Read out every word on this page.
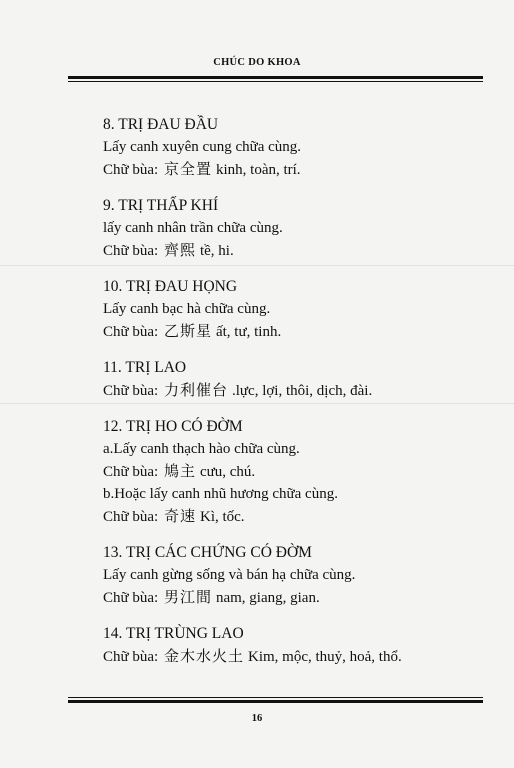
CHÚC DO KHOA
8. TRỊ ĐAU ĐẦU
Lấy canh xuyên cung chữa cùng.
Chữ bùa: 京全置 kinh, toàn, trí.
9. TRỊ THẤP KHÍ
lấy canh nhân trần chữa cùng.
Chữ bùa: 齊熙 tề, hi.
10. TRỊ ĐAU HỌNG
Lấy canh bạc hà chữa cùng.
Chữ bùa: 乙斯星 ất, tư, tinh.
11. TRỊ LAO
Chữ bùa: 力利催台 .lực, lợi, thôi, dịch, đài.
12. TRỊ HO CÓ ĐỜM
a.Lấy canh thạch hào chữa cùng.
Chữ bùa: 鳩主 cưu, chú.
b.Hoặc lấy canh nhũ hương chữa cùng.
Chữ bùa: 奇速 Kì, tốc.
13. TRỊ CÁC CHỨNG CÓ ĐỜM
Lấy canh gừng sống và bán hạ chữa cùng.
Chữ bùa: 男江間 nam, giang, gian.
14. TRỊ TRÙNG LAO
Chữ bùa: 金木水火土 Kim, mộc, thuỷ, hoả, thổ.
16
